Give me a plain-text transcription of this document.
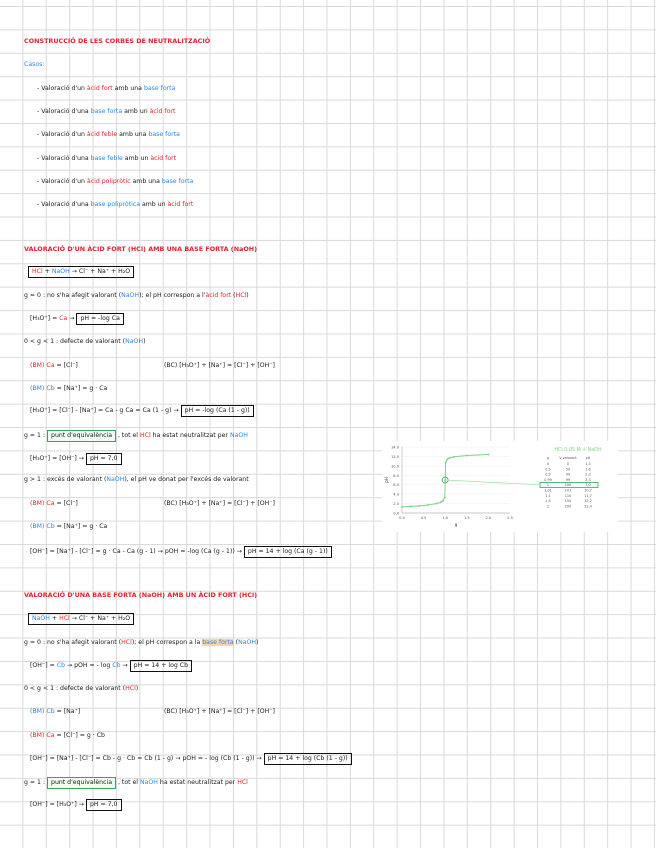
CONSTRUCCIÓ DE LES CORBES DE NEUTRALITZACIÓ
Casos:
- Valoració d'un àcid fort amb una base forta
- Valoració d'una base forta amb un àcid fort
- Valoració d'un àcid feble amb una base forta
- Valoració d'una base feble amb un àcid fort
- Valoració d'un àcid polipròtic amb una base forta
- Valoració d'una base polipròtica amb un àcid fort
VALORACIÓ D'UN ÀCID FORT (HCl) AMB UNA BASE FORTA (NaOH)
HCl + NaOH → Cl⁻ + Na⁺ + H₂O
g = 0 : no s'ha afegit valorant (NaOH); el pH correspon a l'àcid fort (HCl)
[H₃O⁺] = Ca → pH = -log Ca
0 < g < 1 : defecte de valorant (NaOH)
(BM) Ca = [Cl⁻]	(BC) [H₃O⁺] + [Na⁺] = [Cl⁻] + [OH⁻]
(BM) Cb = [Na⁺] = g · Ca
[H₃O⁺] = [Cl⁻] - [Na⁺] = Ca - g Ca = Ca (1 - g) → pH = -log (Ca (1 - g))
g = 1 : punt d'equivalència , tot el HCl ha estat neutralitzat per NaOH
[H₃O⁺] = [OH⁻] → pH = 7,0
g > 1 : excés de valorant (NaOH), el pH ve donat per l'excés de valorant
(BM) Ca = [Cl⁻]	(BC) [H₃O⁺] + [Na⁺] = [Cl⁻] + [OH⁻]
(BM) Cb = [Na⁺] = g · Ca
[OH⁻] = [Na⁺] - [Cl⁻] = g · Ca - Ca (g - 1) → pOH = -log (Ca (g - 1)) → pH = 14 + log (Ca (g - 1))
0.0
2.0
4.0
6.0
8.0
10.0
12.0
14.0
0.0	0.5	1.0	1.5	2.0	2.5
g
pH
HCl 0,05 M + NaOH
g	V valorant	pH
0	0	1,3
0,5	50	1,6
0,9	90	2,3
0,99	99	3,3
1	100	7,0
1,01	101	10,7
1,1	110	11,7
1,5	150	12,2
2	200	12,4
VALORACIÓ D'UNA BASE FORTA (NaOH) AMB UN ÀCID FORT (HCl)
NaOH + HCl → Cl⁻ + Na⁺ + H₂O
g = 0 : no s'ha afegit valorant (HCl); el pH correspon a la base forta (NaOH)
[OH⁻] = Cb → pOH = - log Cb → pH = 14 + log Cb
0 < g < 1 : defecte de valorant (HCl)
(BM) Cb = [Na⁺]	(BC) [H₃O⁺] + [Na⁺] = [Cl⁻] + [OH⁻]
(BM) Ca = [Cl⁻] = g · Cb
[OH⁻] = [Na⁺] - [Cl⁻] = Cb - g · Cb = Cb (1 - g) → pOH = - log (Cb (1 - g)) → pH = 14 + log (Cb (1 - g))
g = 1 : punt d'equivalència , tot el NaOH ha estat neutralitzat per HCl
[OH⁻] = [H₃O⁺] → pH = 7,0
